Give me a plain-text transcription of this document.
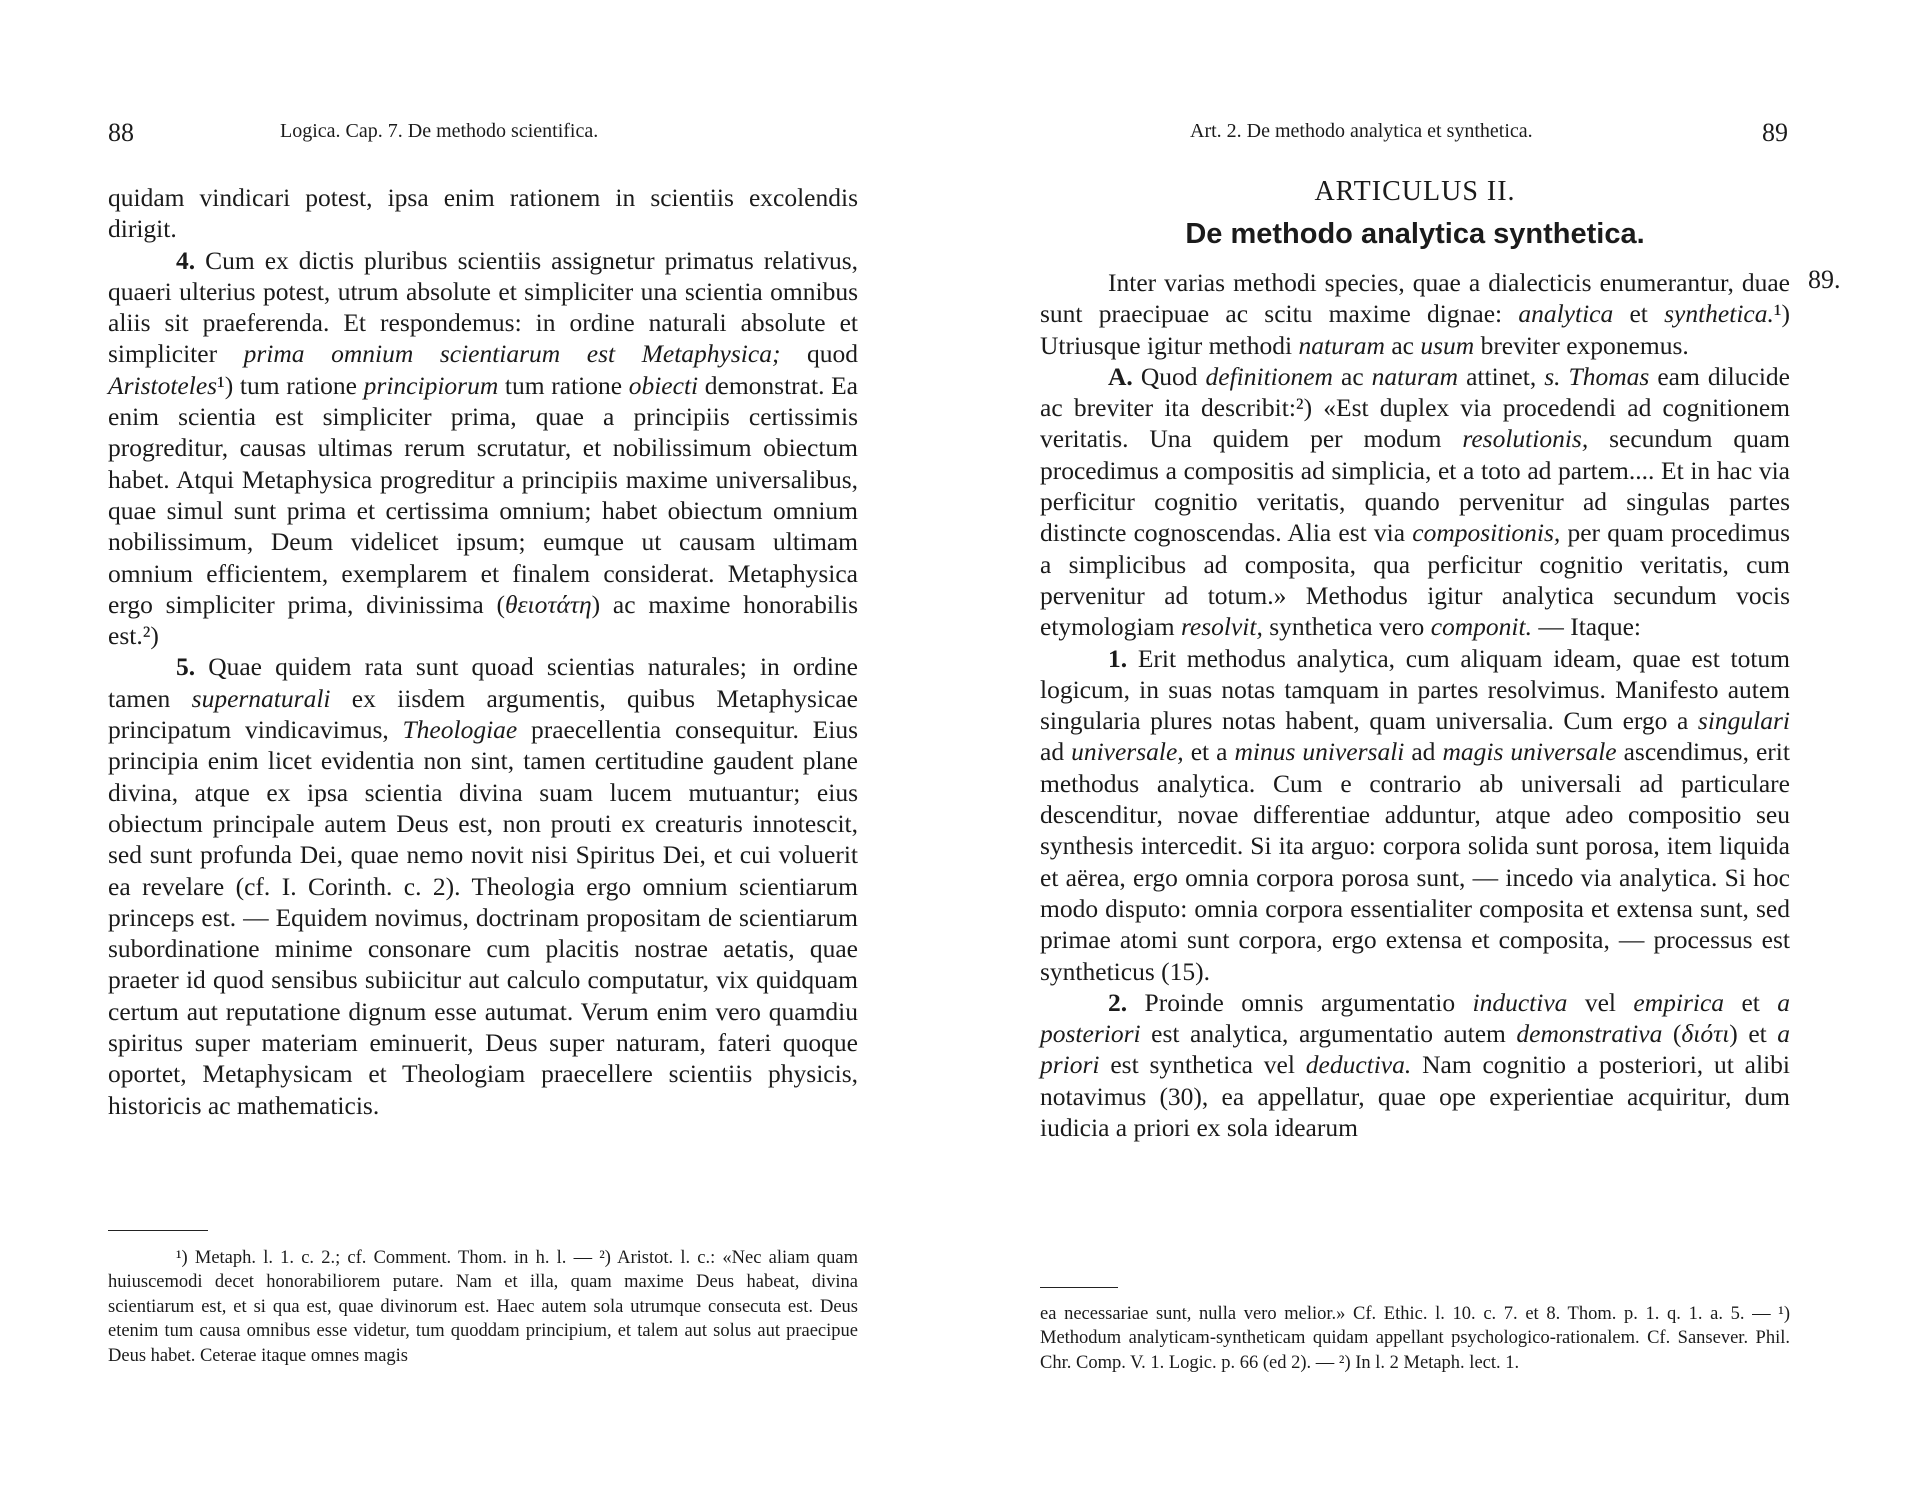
88	Logica. Cap. 7. De methodo scientifica.

quidam vindicari potest, ipsa enim rationem in scientiis excolendis dirigit.

4. Cum ex dictis pluribus scientiis assignetur primatus relativus, quaeri ulterius potest, utrum absolute et simpliciter una scientia omnibus aliis sit praeferenda. Et respondemus: in ordine naturali absolute et simpliciter prima omnium scientiarum est Metaphysica; quod Aristoteles¹) tum ratione principiorum tum ratione obiecti demonstrat. Ea enim scientia est simpliciter prima, quae a principiis certissimis progreditur, causas ultimas rerum scrutatur, et nobilissimum obiectum habet. Atqui Metaphysica progreditur a principiis maxime universalibus, quae simul sunt prima et certissima omnium; habet obiectum omnium nobilissimum, Deum videlicet ipsum; eumque ut causam ultimam omnium efficientem, exemplarem et finalem considerat. Metaphysica ergo simpliciter prima, divinissima (θειοτάτη) ac maxime honorabilis est.²)

5. Quae quidem rata sunt quoad scientias naturales; in ordine tamen supernaturali ex iisdem argumentis, quibus Metaphysicae principatum vindicavimus, Theologiae praecellentia consequitur. Eius principia enim licet evidentia non sint, tamen certitudine gaudent plane divina, atque ex ipsa scientia divina suam lucem mutuantur; eius obiectum principale autem Deus est, non prouti ex creaturis innotescit, sed sunt profunda Dei, quae nemo novit nisi Spiritus Dei, et cui voluerit ea revelare (cf. I. Corinth. c. 2). Theologia ergo omnium scientiarum princeps est. — Equidem novimus, doctrinam propositam de scientiarum subordinatione minime consonare cum placitis nostrae aetatis, quae praeter id quod sensibus subiicitur aut calculo computatur, vix quidquam certum aut reputatione dignum esse autumat. Verum enim vero quamdiu spiritus super materiam eminuerit, Deus super naturam, fateri quoque oportet, Metaphysicam et Theologiam praecellere scientiis physicis, historicis ac mathematicis.

¹) Metaph. l. 1. c. 2.; cf. Comment. Thom. in h. l. — ²) Aristot. l. c.: «Nec aliam quam huiuscemodi decet honorabiliorem putare. Nam et illa, quam maxime Deus habeat, divina scientiarum est, et si qua est, quae divinorum est. Haec autem sola utrumque consecuta est. Deus etenim tum causa omnibus esse videtur, tum quoddam principium, et talem aut solus aut praecipue Deus habet. Ceterae itaque omnes magis

Art. 2. De methodo analytica et synthetica.	89
ARTICULUS II.
De methodo analytica synthetica.

Inter varias methodi species, quae a dialecticis enumerantur, duae sunt praecipuae ac scitu maxime dignae: analytica et synthetica.¹) Utriusque igitur methodi naturam ac usum breviter exponemus.

A. Quod definitionem ac naturam attinet, s. Thomas eam dilucide ac breviter ita describit:²) «Est duplex via procedendi ad cognitionem veritatis. Una quidem per modum resolutionis, secundum quam procedimus a compositis ad simplicia, et a toto ad partem.... Et in hac via perficitur cognitio veritatis, quando pervenitur ad singulas partes distincte cognoscendas. Alia est via compositionis, per quam procedimus a simplicibus ad composita, qua perficitur cognitio veritatis, cum pervenitur ad totum.» Methodus igitur analytica secundum vocis etymologiam resolvit, synthetica vero componit. — Itaque:

1. Erit methodus analytica, cum aliquam ideam, quae est totum logicum, in suas notas tamquam in partes resolvimus. Manifesto autem singularia plures notas habent, quam universalia. Cum ergo a singulari ad universale, et a minus universali ad magis universale ascendimus, erit methodus analytica. Cum e contrario ab universali ad particulare descenditur, novae differentiae adduntur, atque adeo compositio seu synthesis intercedit. Si ita arguo: corpora solida sunt porosa, item liquida et aërea, ergo omnia corpora porosa sunt, — incedo via analytica. Si hoc modo disputo: omnia corpora essentialiter composita et extensa sunt, sed primae atomi sunt corpora, ergo extensa et composita, — processus est syntheticus (15).

2. Proinde omnis argumentatio inductiva vel empirica et a posteriori est analytica, argumentatio autem demonstrativa (διότι) et a priori est synthetica vel deductiva. Nam cognitio a posteriori, ut alibi notavimus (30), ea appellatur, quae ope experientiae acquiritur, dum iudicia a priori ex sola idearum

ea necessariae sunt, nulla vero melior.» Cf. Ethic. l. 10. c. 7. et 8. Thom. p. 1. q. 1. a. 5. — ¹) Methodum analyticam-syntheticam quidam appellant psychologico-rationalem. Cf. Sansever. Phil. Chr. Comp. V. 1. Logic. p. 66 (ed 2). — ²) In l. 2 Metaph. lect. 1.

89.
